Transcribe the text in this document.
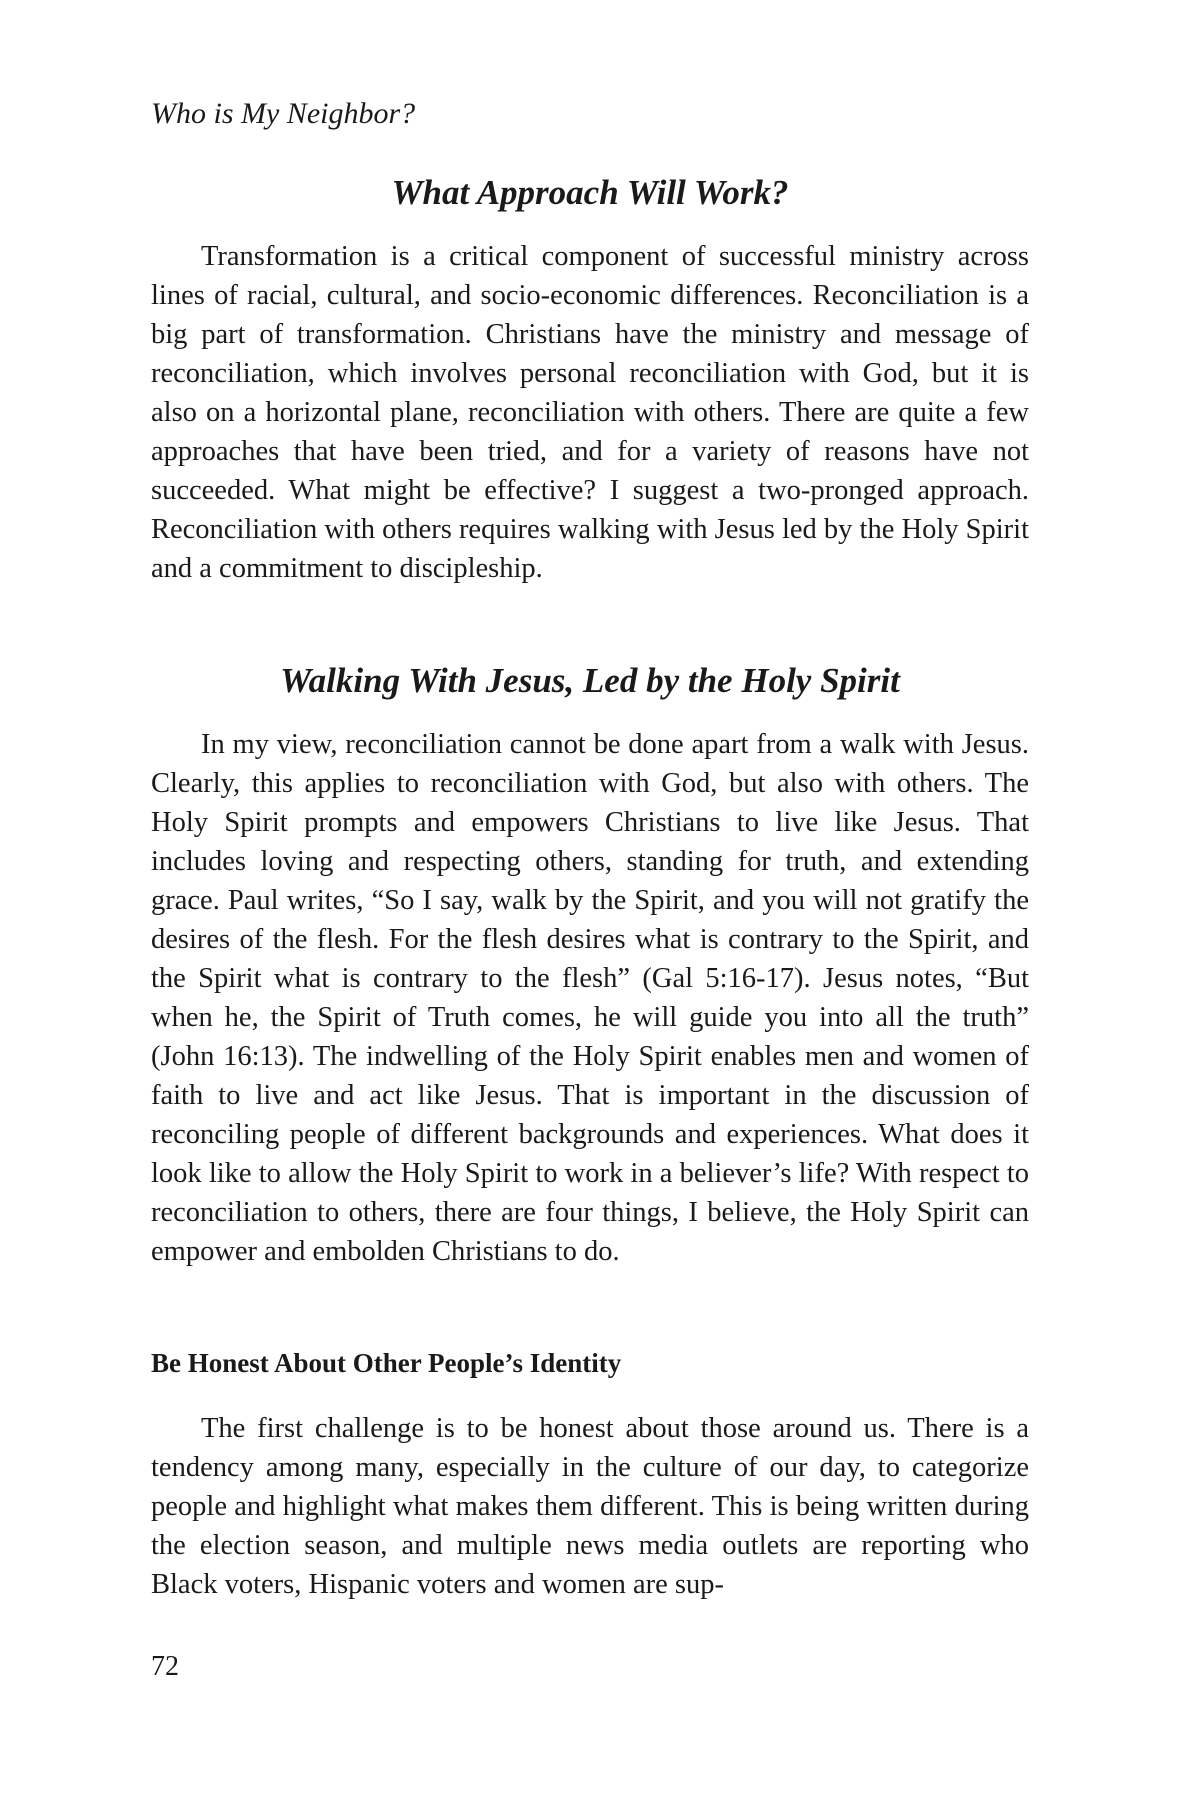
Who is My Neighbor?
What Approach Will Work?

Transformation is a critical component of successful ministry across lines of racial, cultural, and socio-economic differences. Reconciliation is a big part of transformation. Christians have the ministry and message of reconciliation, which involves personal reconciliation with God, but it is also on a horizontal plane, reconciliation with others. There are quite a few approaches that have been tried, and for a variety of reasons have not succeeded. What might be effective? I suggest a two-pronged approach. Reconciliation with others requires walking with Jesus led by the Holy Spirit and a commitment to discipleship.

Walking With Jesus, Led by the Holy Spirit

In my view, reconciliation cannot be done apart from a walk with Jesus. Clearly, this applies to reconciliation with God, but also with others. The Holy Spirit prompts and empowers Christians to live like Jesus. That includes loving and respecting others, standing for truth, and extending grace. Paul writes, “So I say, walk by the Spirit, and you will not gratify the desires of the flesh. For the flesh desires what is contrary to the Spirit, and the Spirit what is contrary to the flesh” (Gal 5:16-17). Jesus notes, “But when he, the Spirit of Truth comes, he will guide you into all the truth” (John 16:13). The indwelling of the Holy Spirit enables men and women of faith to live and act like Jesus. That is important in the discussion of reconciling people of different backgrounds and experiences. What does it look like to allow the Holy Spirit to work in a believer’s life? With respect to reconciliation to others, there are four things, I believe, the Holy Spirit can empower and embolden Christians to do.

Be Honest About Other People’s Identity

The first challenge is to be honest about those around us. There is a tendency among many, especially in the culture of our day, to categorize people and highlight what makes them different. This is being written during the election season, and multiple news media outlets are reporting who Black voters, Hispanic voters and women are sup-

72
